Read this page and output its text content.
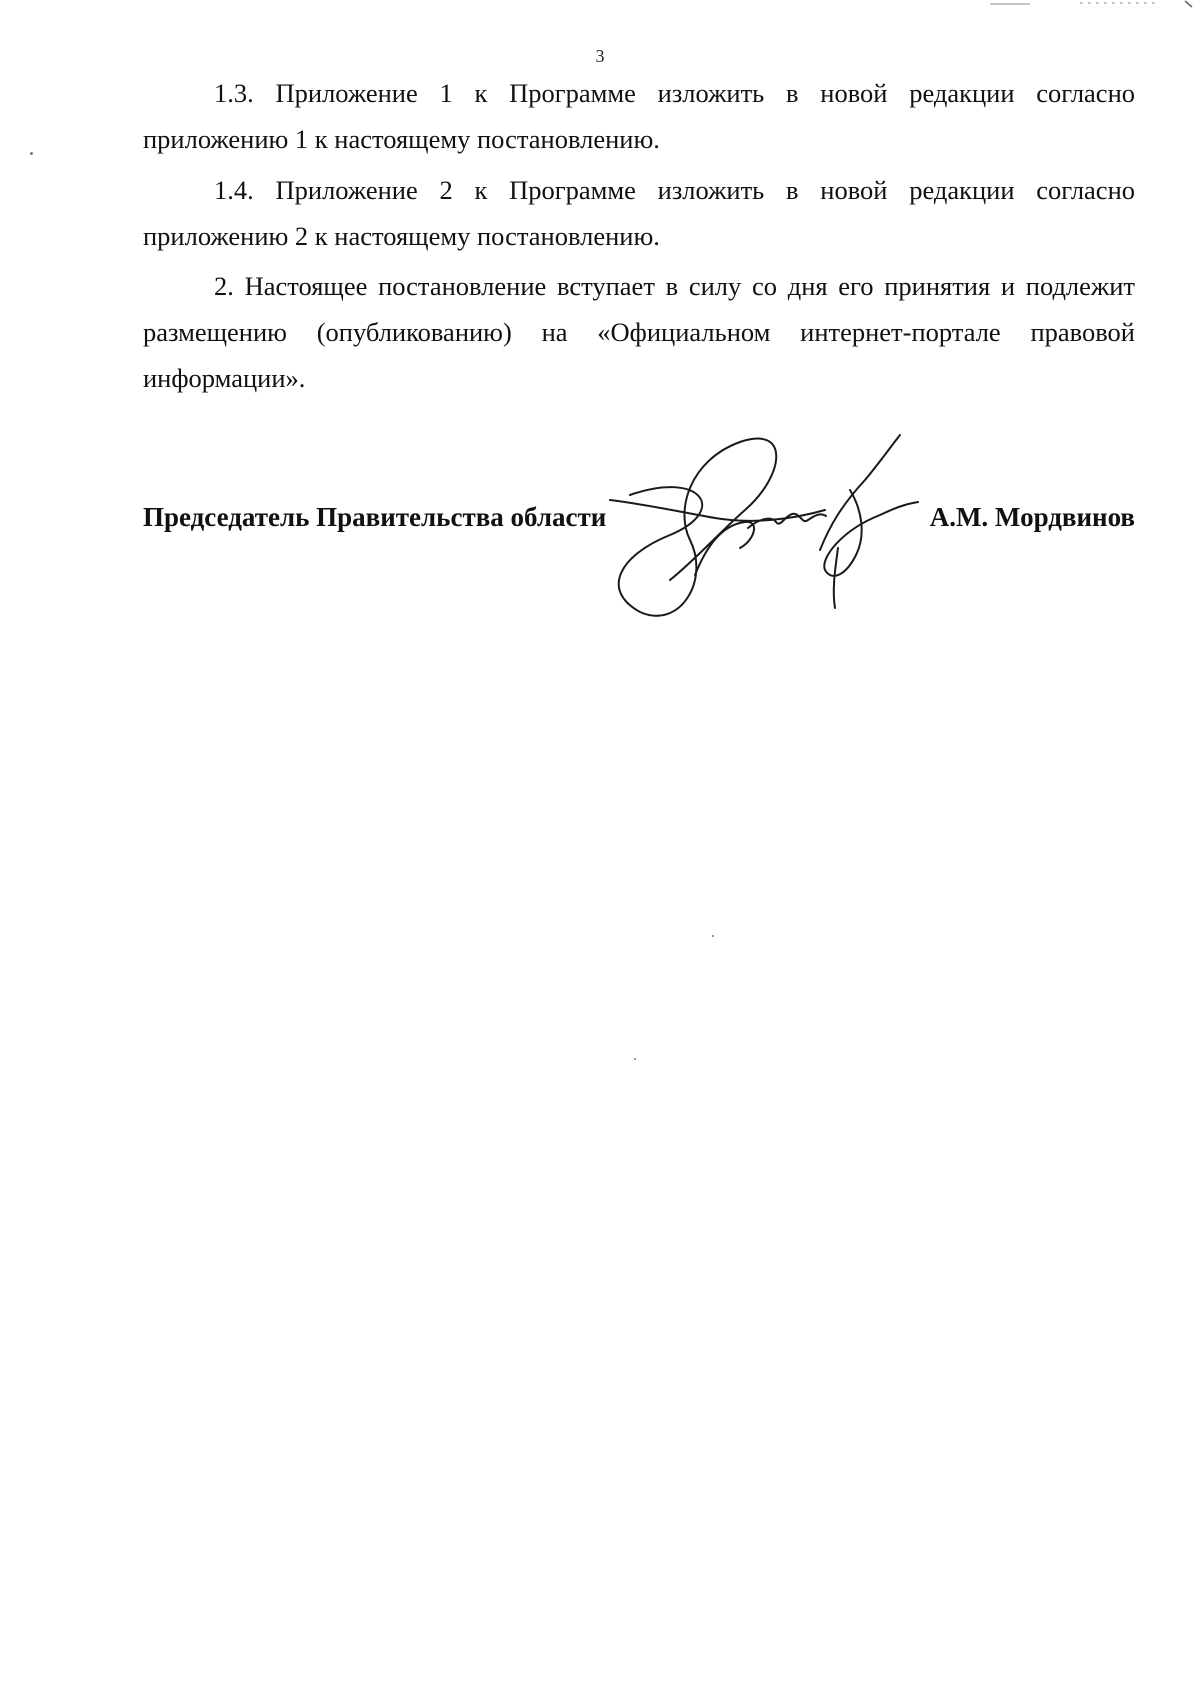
3

1.3. Приложение 1 к Программе изложить в новой редакции согласно приложению 1 к настоящему постановлению.

1.4. Приложение 2 к Программе изложить в новой редакции согласно приложению 2 к настоящему постановлению.

2. Настоящее постановление вступает в силу со дня его принятия и подлежит размещению (опубликованию) на «Официальном интернет-портале правовой информации».

Председатель Правительства области	А.М. Мордвинов
